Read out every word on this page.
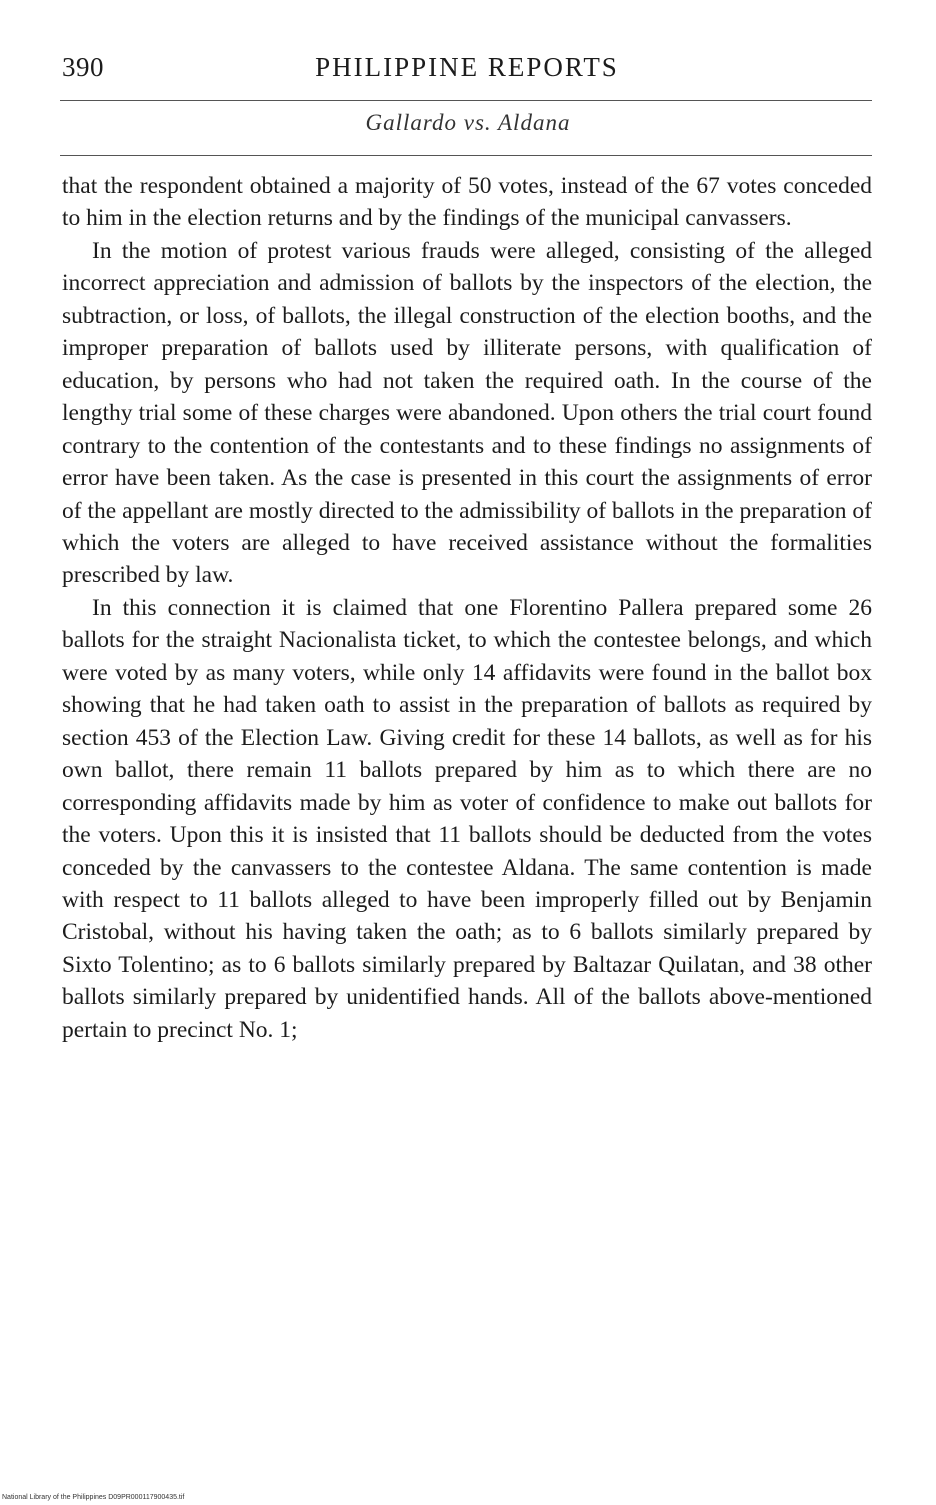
390	PHILIPPINE REPORTS
Gallardo vs. Aldana

that the respondent obtained a majority of 50 votes, instead of the 67 votes conceded to him in the election returns and by the findings of the municipal canvassers.

In the motion of protest various frauds were alleged, consisting of the alleged incorrect appreciation and admission of ballots by the inspectors of the election, the subtraction, or loss, of ballots, the illegal construction of the election booths, and the improper preparation of ballots used by illiterate persons, with qualification of education, by persons who had not taken the required oath. In the course of the lengthy trial some of these charges were abandoned. Upon others the trial court found contrary to the contention of the contestants and to these findings no assignments of error have been taken. As the case is presented in this court the assignments of error of the appellant are mostly directed to the admissibility of ballots in the preparation of which the voters are alleged to have received assistance without the formalities prescribed by law.

In this connection it is claimed that one Florentino Pallera prepared some 26 ballots for the straight Nacionalista ticket, to which the contestee belongs, and which were voted by as many voters, while only 14 affidavits were found in the ballot box showing that he had taken oath to assist in the preparation of ballots as required by section 453 of the Election Law. Giving credit for these 14 ballots, as well as for his own ballot, there remain 11 ballots prepared by him as to which there are no corresponding affidavits made by him as voter of confidence to make out ballots for the voters. Upon this it is insisted that 11 ballots should be deducted from the votes conceded by the canvassers to the contestee Aldana. The same contention is made with respect to 11 ballots alleged to have been improperly filled out by Benjamin Cristobal, without his having taken the oath; as to 6 ballots similarly prepared by Sixto Tolentino; as to 6 ballots similarly prepared by Baltazar Quilatan, and 38 other ballots similarly prepared by unidentified hands. All of the ballots above-mentioned pertain to precinct No. 1;

National Library of the Philippines D09PR000117900435.tif
